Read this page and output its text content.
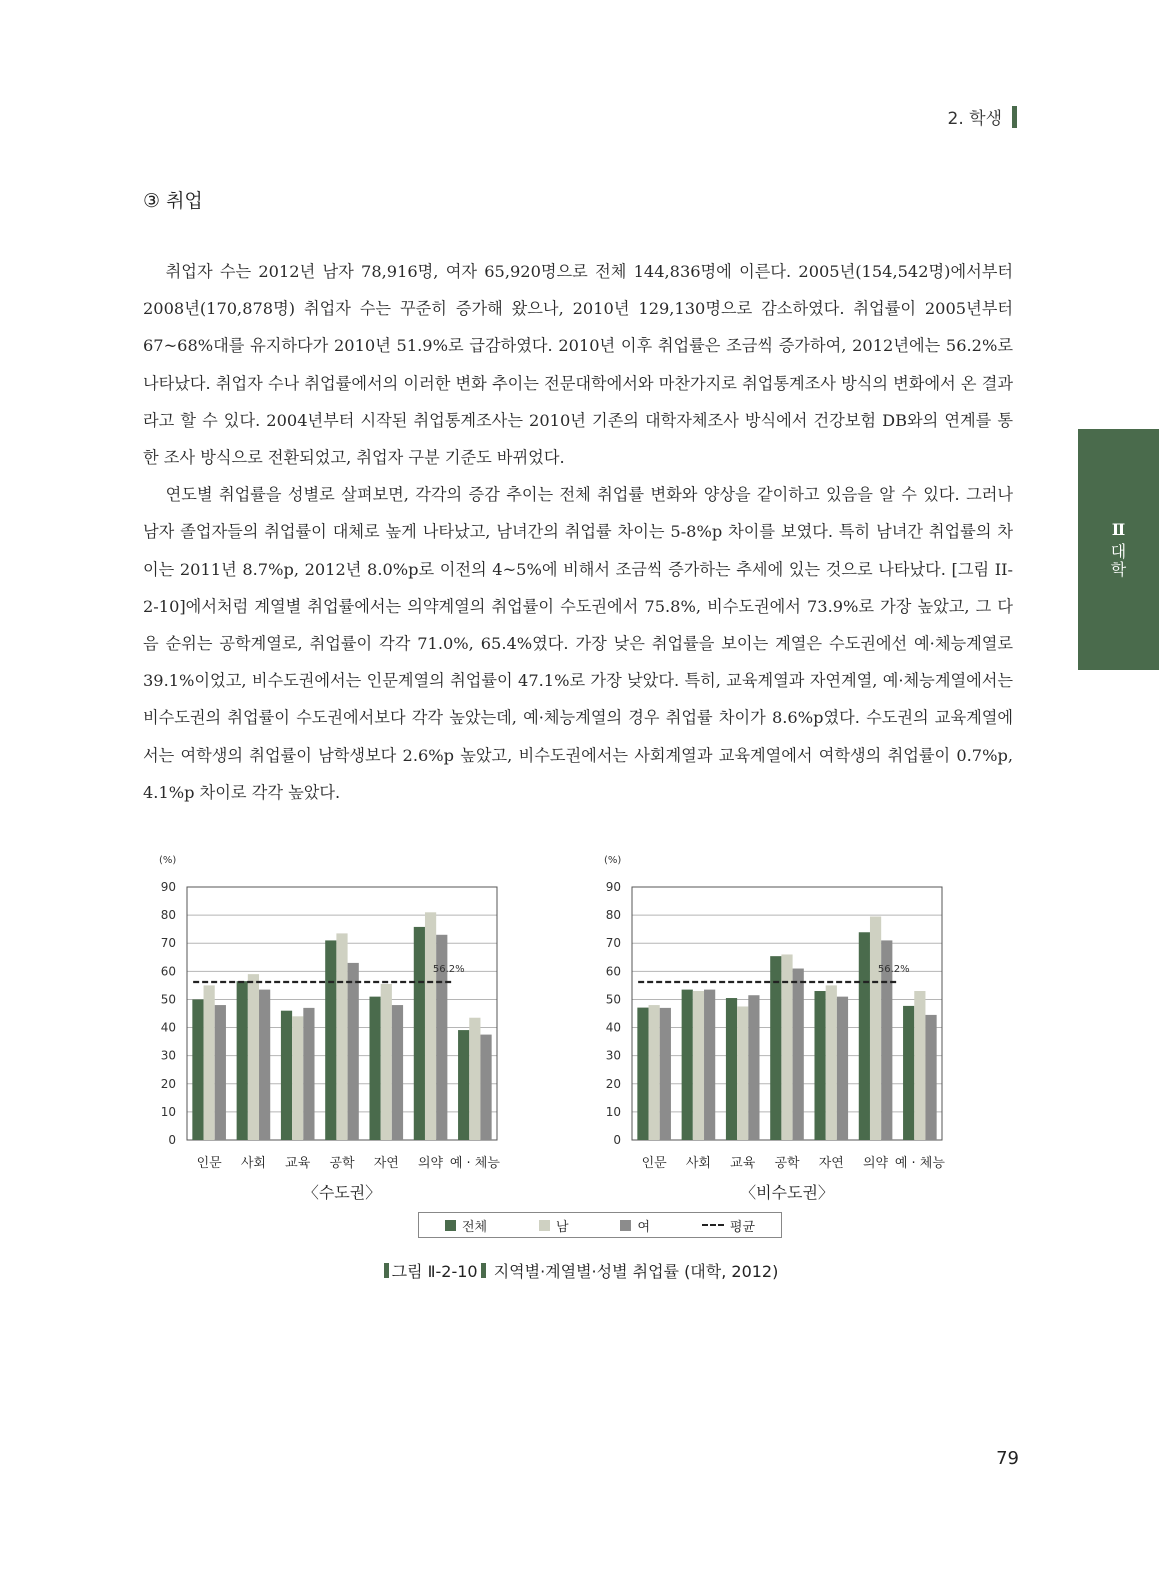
2. 학생
Ⅱ
대
학
③ 취업

취업자 수는 2012년 남자 78,916명, 여자 65,920명으로 전체 144,836명에 이른다. 2005년(154,542명)에서부터 2008년(170,878명) 취업자 수는 꾸준히 증가해 왔으나, 2010년 129,130명으로 감소하였다. 취업률이 2005년부터 67~68%대를 유지하다가 2010년 51.9%로 급감하였다. 2010년 이후 취업률은 조금씩 증가하여, 2012년에는 56.2%로 나타났다. 취업자 수나 취업률에서의 이러한 변화 추이는 전문대학에서와 마찬가지로 취업통계조사 방식의 변화에서 온 결과라고 할 수 있다. 2004년부터 시작된 취업통계조사는 2010년 기존의 대학자체조사 방식에서 건강보험 DB와의 연계를 통한 조사 방식으로 전환되었고, 취업자 구분 기준도 바뀌었다.

연도별 취업률을 성별로 살펴보면, 각각의 증감 추이는 전체 취업률 변화와 양상을 같이하고 있음을 알 수 있다. 그러나 남자 졸업자들의 취업률이 대체로 높게 나타났고, 남녀간의 취업률 차이는 5-8%p 차이를 보였다. 특히 남녀간 취업률의 차이는 2011년 8.7%p, 2012년 8.0%p로 이전의 4~5%에 비해서 조금씩 증가하는 추세에 있는 것으로 나타났다. [그림 II-2-10]에서처럼 계열별 취업률에서는 의약계열의 취업률이 수도권에서 75.8%, 비수도권에서 73.9%로 가장 높았고, 그 다음 순위는 공학계열로, 취업률이 각각 71.0%, 65.4%였다. 가장 낮은 취업률을 보이는 계열은 수도권에선 예·체능계열로 39.1%이었고, 비수도권에서는 인문계열의 취업률이 47.1%로 가장 낮았다. 특히, 교육계열과 자연계열, 예·체능계열에서는 비수도권의 취업률이 수도권에서보다 각각 높았는데, 예·체능계열의 경우 취업률 차이가 8.6%p였다. 수도권의 교육계열에서는 여학생의 취업률이 남학생보다 2.6%p 높았고, 비수도권에서는 사회계열과 교육계열에서 여학생의 취업률이 0.7%p, 4.1%p 차이로 각각 높았다.

0
10
20
30
40
50
60
70
80
90
(%)
인문 사회 교육 공학 자연 의약 예 · 체능
56.2%
〈수도권〉
0
10
20
30
40
50
60
70
80
90
(%)
인문 사회 교육 공학 자연 의약 예 · 체능
56.2%
〈비수도권〉
전체	남	여	평균
그림 Ⅱ-2-10 지역별·계열별·성별 취업률 (대학, 2012)
79
